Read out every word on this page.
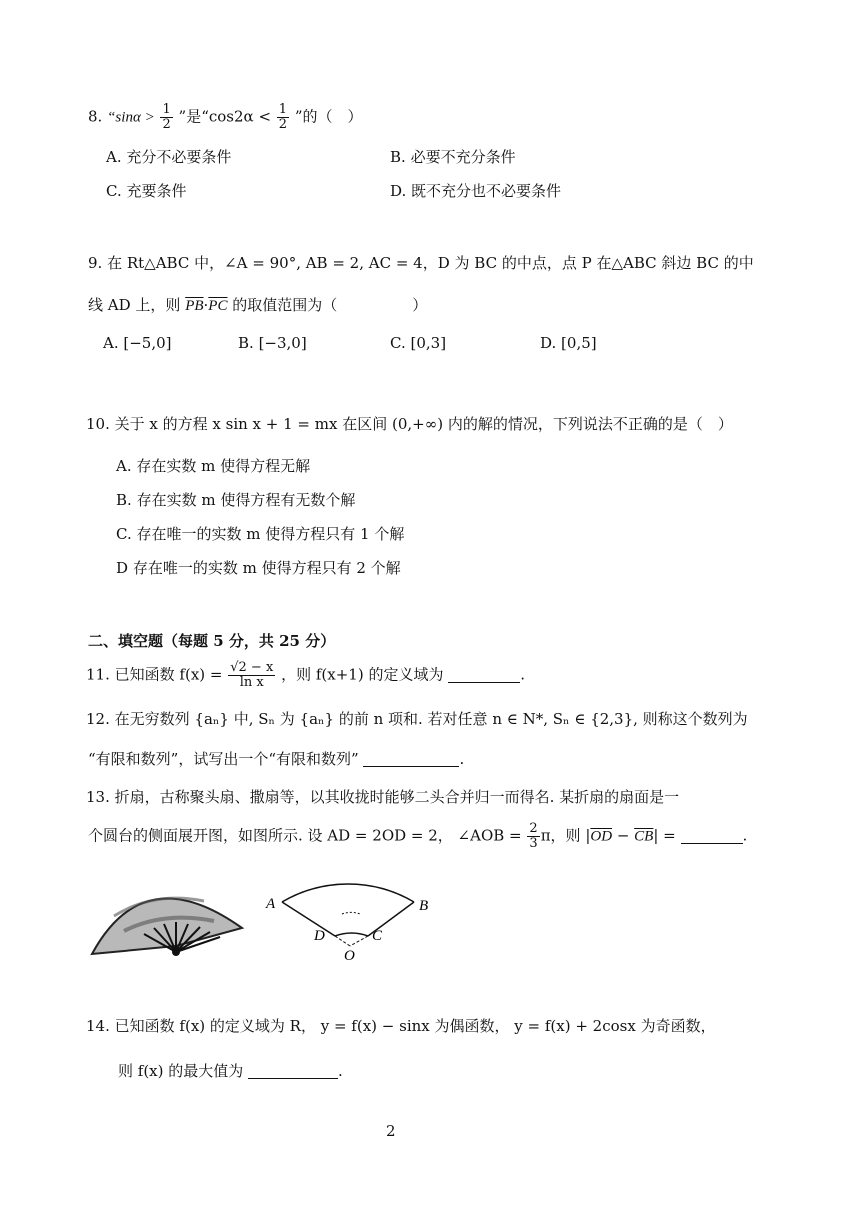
8. “$\sin\alpha > \frac{1}{2}$ ”是“$\cos 2\alpha < \frac{1}{2}$ ”的（　）
A. 充分不必要条件	B. 必要不充分条件
C. 充要条件	D. 既不充分也不必要条件
9. 在 Rt△ABC 中，∠A = 90°, AB = 2, AC = 4，D 为 BC 的中点，点 P 在△ABC 斜边 BC 的中
线 AD 上，则 $\overline{PB}\cdot\overline{PC}$ 的取值范围为（　　　　　）
A. [−5,0]	B. [−3,0]	C. [0,3]	D. [0,5]
10. 关于 x 的方程 x sin x + 1 = mx 在区间 (0,+∞) 内的解的情况，下列说法不正确的是（　）
A. 存在实数 m 使得方程无解
B. 存在实数 m 使得方程有无数个解
C. 存在唯一的实数 m 使得方程只有 1 个解
D 存在唯一的实数 m 使得方程只有 2 个解
二、填空题（每题 5 分，共 25 分）
11. 已知函数 $f(x) = \frac{√2 - x}{\text{ln x}}$ ，则 f(x+1) 的定义域为	.
12. 在无穷数列 {aₙ} 中, Sₙ 为 {aₙ} 的前 n 项和. 若对任意 n ∈ N*, Sₙ ∈ {2,3}, 则称这个数列为
“有限和数列”，试写出一个“有限和数列”	.
13. 折扇，古称聚头扇、撒扇等，以其收拢时能够二头合并归一而得名. 某折扇的扇面是一
个圆台的侧面展开图，如图所示. 设 AD = 2OD = 2， ∠AOB = $\frac{2}{3}$ π，则 $|\overline{OD} - \overline{CB}|$ =	.
A	B
C
D
O
14. 已知函数 f(x) 的定义域为 R， y = f(x) − sinx 为偶函数， y = f(x) + 2cosx 为奇函数，
则 f(x) 的最大值为	.
2
